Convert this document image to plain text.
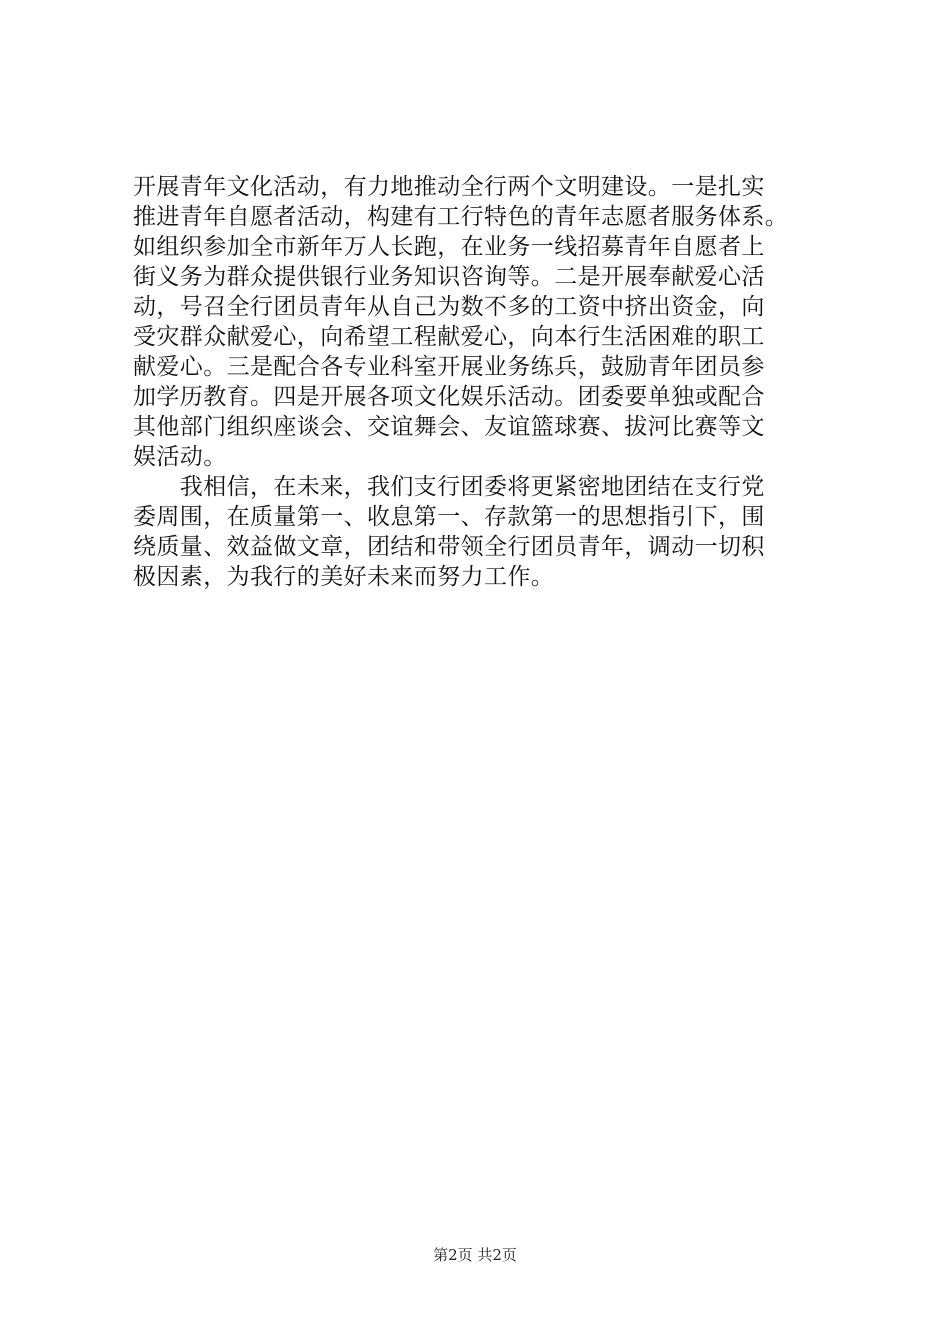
开展青年文化活动，有力地推动全行两个文明建设。一是扎实
推进青年自愿者活动，构建有工行特色的青年志愿者服务体系。
如组织参加全市新年万人长跑，在业务一线招募青年自愿者上
街义务为群众提供银行业务知识咨询等。二是开展奉献爱心活
动，号召全行团员青年从自己为数不多的工资中挤出资金，向
受灾群众献爱心，向希望工程献爱心，向本行生活困难的职工
献爱心。三是配合各专业科室开展业务练兵，鼓励青年团员参
加学历教育。四是开展各项文化娱乐活动。团委要单独或配合
其他部门组织座谈会、交谊舞会、友谊篮球赛、拔河比赛等文
娱活动。
　　我相信，在未来，我们支行团委将更紧密地团结在支行党
委周围，在质量第一、收息第一、存款第一的思想指引下，围
绕质量、效益做文章，团结和带领全行团员青年，调动一切积
极因素，为我行的美好未来而努力工作。
第2页 共2页
